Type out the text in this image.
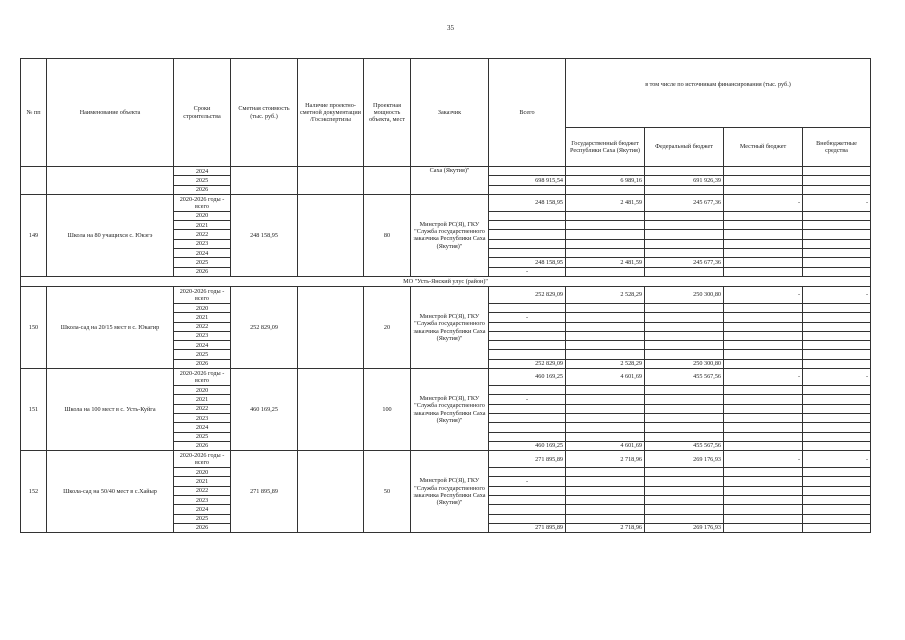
35
№ пп	Наименование объекта	Сроки строительства	Сметная стоимость (тыс. руб.)	Наличие проектно-сметной документации /Госэкспертизы	Проектная мощность объекта, мест	Заказчик	Всего	в том числе по источникам финансирования (тыс. руб.)			
								Государственный бюджет Республики Саха (Якутия)	Федеральный бюджет	Местный бюджет	Внебюджетные средства
		2024				Саха (Якутия)"					
		2025					698 915,54	6 989,16	691 926,39		
		2026									
149	Школа на 80 учащихся с. Юкэгэ	2020-2026 годы - всего	248 158,95		80	Минстрой РС(Я), ГКУ "Служба государственного заказчика Республики Саха (Якутия)"	248 158,95	2 481,59	245 677,36	-	-
		2020									
		2021									
		2022									
		2023									
		2024									
		2025					248 158,95	2 481,59	245 677,36		
		2026					-				
МО "Усть-Янский улус (район)"											
150	Школа-сад на 20/15 мест в с. Юкагир	2020-2026 годы - всего	252 829,09		20	Минстрой РС(Я), ГКУ "Служба государственного заказчика Республики Саха (Якутия)"	252 829,09	2 528,29	250 300,80	-	-
		2020									
		2021					-				
		2022									
		2023									
		2024									
		2025									
		2026					252 829,09	2 528,29	250 300,80		
151	Школа на 100 мест в с. Усть-Куйга	2020-2026 годы - всего	460 169,25		100	Минстрой РС(Я), ГКУ "Служба государственного заказчика Республики Саха (Якутия)"	460 169,25	4 601,69	455 567,56	-	-
		2020									
		2021					-				
		2022									
		2023									
		2024									
		2025									
		2026					460 169,25	4 601,69	455 567,56		
152	Школа-сад на 50/40 мест в с.Хайыр	2020-2026 годы - всего	271 895,89		50	Минстрой РС(Я), ГКУ "Служба государственного заказчика Республики Саха (Якутия)"	271 895,89	2 718,96	269 176,93	-	-
		2020									
		2021					-				
		2022									
		2023									
		2024									
		2025									
		2026					271 895,89	2 718,96	269 176,93		
